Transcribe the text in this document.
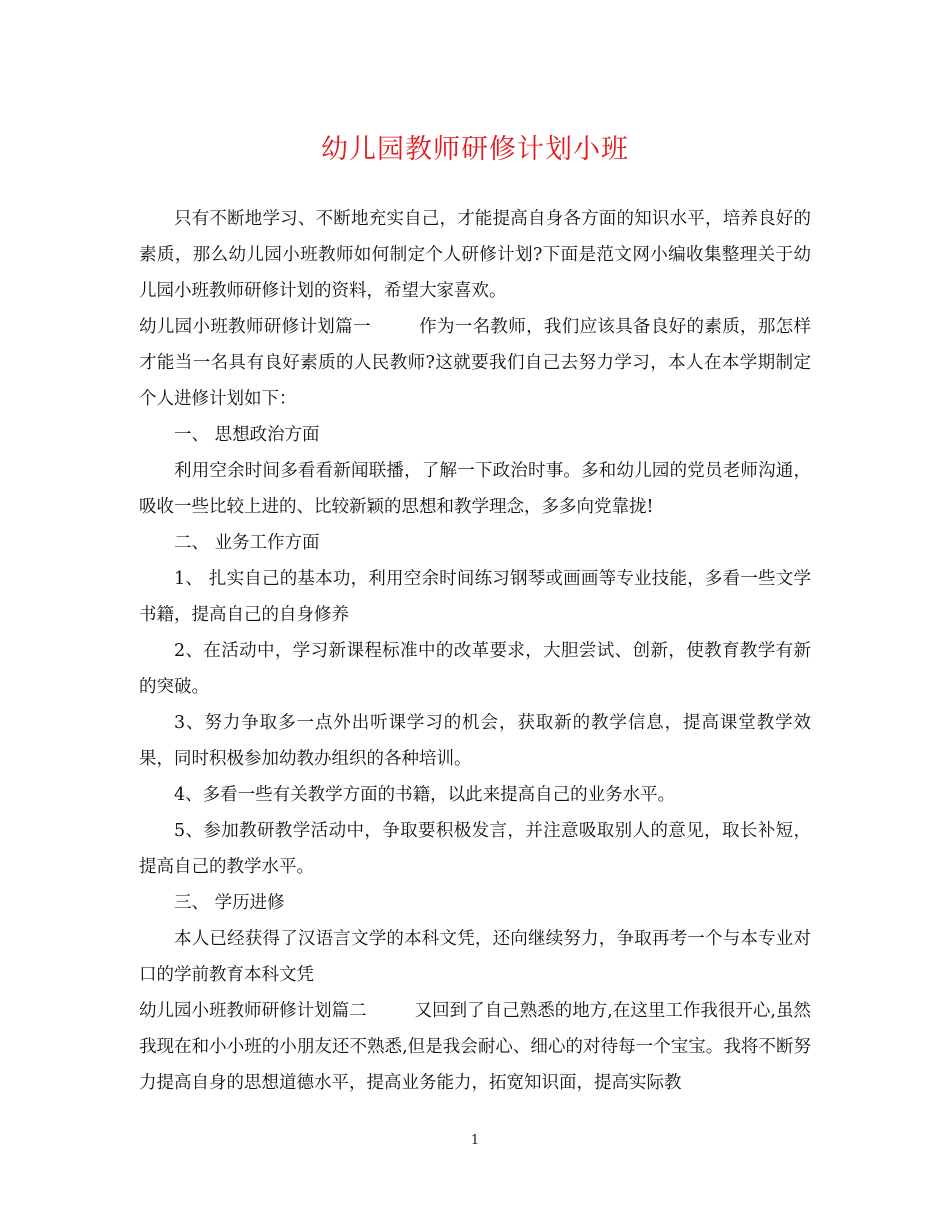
幼儿园教师研修计划小班

只有不断地学习、不断地充实自己，才能提高自身各方面的知识水平，培养良好的素质，那么幼儿园小班教师如何制定个人研修计划?下面是范文网小编收集整理关于幼儿园小班教师研修计划的资料，希望大家喜欢。

幼儿园小班教师研修计划篇一	作为一名教师，我们应该具备良好的素质，那怎样才能当一名具有良好素质的人民教师?这就要我们自己去努力学习，本人在本学期制定个人进修计划如下：

一、 思想政治方面

利用空余时间多看看新闻联播，了解一下政治时事。多和幼儿园的党员老师沟通，吸收一些比较上进的、比较新颖的思想和教学理念，多多向党靠拢!

二、 业务工作方面

1、 扎实自己的基本功，利用空余时间练习钢琴或画画等专业技能，多看一些文学书籍，提高自己的自身修养

2、在活动中，学习新课程标准中的改革要求，大胆尝试、创新，使教育教学有新的突破。

3、努力争取多一点外出听课学习的机会，获取新的教学信息，提高课堂教学效果，同时积极参加幼教办组织的各种培训。

4、多看一些有关教学方面的书籍，以此来提高自己的业务水平。

5、参加教研教学活动中，争取要积极发言，并注意吸取别人的意见，取长补短，提高自己的教学水平。

三、 学历进修

本人已经获得了汉语言文学的本科文凭，还向继续努力，争取再考一个与本专业对口的学前教育本科文凭

幼儿园小班教师研修计划篇二	又回到了自己熟悉的地方,在这里工作我很开心,虽然我现在和小小班的小朋友还不熟悉,但是我会耐心、细心的对待每一个宝宝。我将不断努力提高自身的思想道德水平，提高业务能力，拓宽知识面，提高实际教

1
